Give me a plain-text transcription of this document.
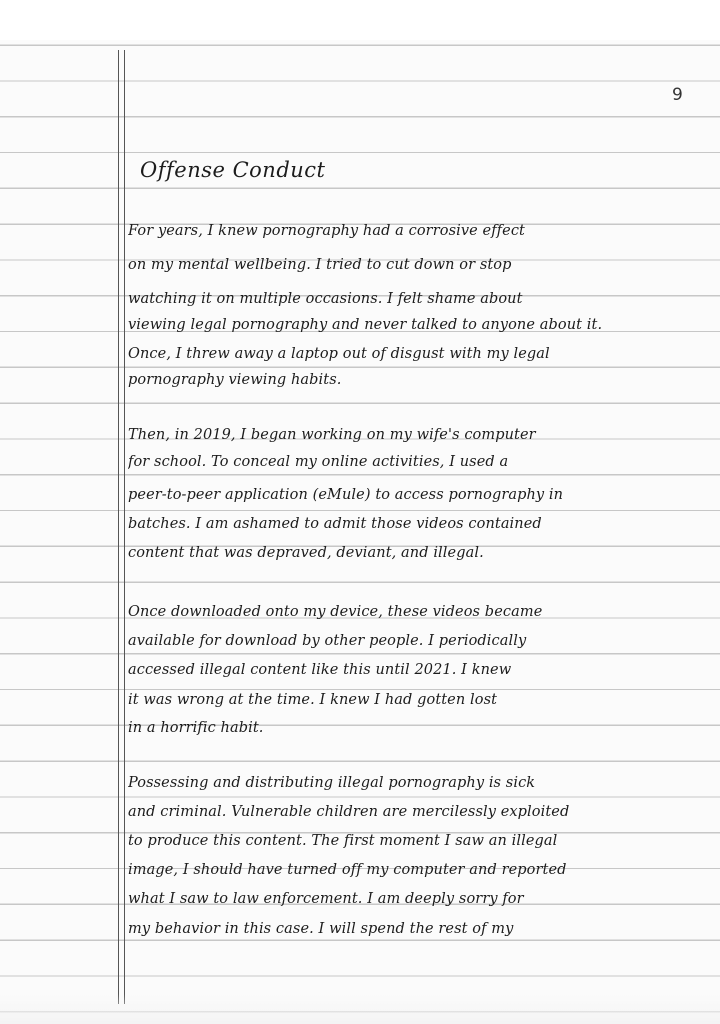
9
Offense Conduct
For years, I knew pornography had a corrosive effect
on my mental wellbeing. I tried to cut down or stop
watching it on multiple occasions. I felt shame about
viewing legal pornography and never talked to anyone about it.
Once, I threw away a laptop out of disgust with my legal
pornography viewing habits.
Then, in 2019, I began working on my wife's computer
for school. To conceal my online activities, I used a
peer-to-peer application (eMule) to access pornography in
batches. I am ashamed to admit those videos contained
content that was depraved, deviant, and illegal.
Once downloaded onto my device, these videos became
available for download by other people. I periodically
accessed illegal content like this until 2021. I knew
it was wrong at the time. I knew I had gotten lost
in a horrific habit.
Possessing and distributing illegal pornography is sick
and criminal. Vulnerable children are mercilessly exploited
to produce this content. The first moment I saw an illegal
image, I should have turned off my computer and reported
what I saw to law enforcement. I am deeply sorry for
my behavior in this case. I will spend the rest of my
